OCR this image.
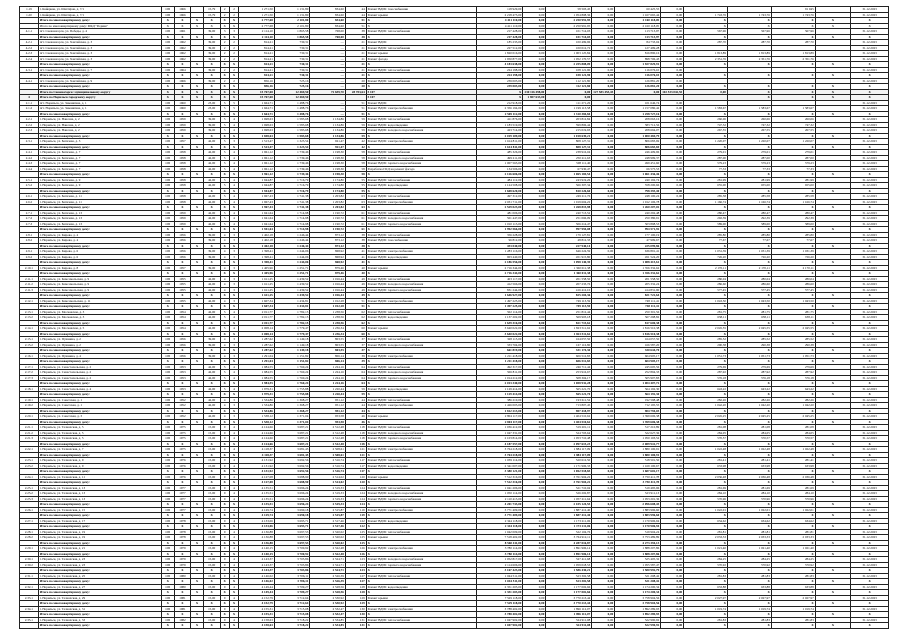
1.19	г. Кайеркан, ул. Шахтёров, д. 7/1	ОП	1966		15,79	2	2	1 271,50	1 131,80	834,60	44	Ремонт ВДИС газоснабжения	118 929,00	0,00	58 503,45	0,00	60 425,55	0,00			91 045		31.12.2023
1.20	г. Кайеркан, ул. Шахтёров, д. 7/1	ОП	1966		15,79	2	2	1 271,50	1 131,80	834,60	44	Ремонт крыши	2 218 473,00	0,00	1 054 808,36	0,00	1 167 665,44	0,00	1 743,76	1 743,76	1 743,76		31.12.2023
	Итого по многоквартирному дому:	X	X	X	X	X	X	2 777,68	2 101,80	834,60	51	X	4 411 110,00	0,00	2 250 991,95	0,00	2 160 118,05	0,00	X	X	X	X	X
	Итого по многоквартирному дому: МКД "Родник"	X	X	X	X	X	X	2 777,68	2 101,80	834,60	51	X	4 411 110,00	0,00	2 250 991,95	0,00	2 160 118,05	0,00	X	X	X	X	X
4.1.1	пгт. Снежногорск, ул. Победы, д. 4	ОП	1961		39,00	3	3	2 114,10	1 865,58	768,00	38	Ремонт ВДИС теплоснабжения	217 428,00	0,00	101 714,03	0,00	113 713,97	0,00	567,96	567,96	567,96		31.12.2023
	Итого по многоквартирному дому:	X	X	X	X	X	X	2 114,10	1 865,58	768,00	38	X	217 428,00	0,00	101 714,03	0,00	113 713,97	0,00	X	X	X	X	X
4.2.1	пгт. Снежногорск, ул. Хантайская, д. 3	ОП	1962		39,00	2	2	814,21	730,31	—	21	Ремонт ВДИС	185 233,00	0,00	100 499,96	0,00	84 733,04	0,00	287,70	287,70	287,70		31.12.2023
4.2.2	пгт. Снежногорск, ул. Хантайская, д. 3	ОП	1962		39,00	2	2	814,21	730,31	—	21	Ремонт ВДИС теплоснабжения	227 512,00	0,00	100 012,72	0,00	127 499,28	0,00					31.12.2023
4.2.3	пгт. Снежногорск, ул. Хантайская, д. 3	ОП	1962		39,00	2	2	814,21	730,31	—	21	Ремонт крыши	1 820 016,00	0,00	1 003 125,84	0,00	816 890,16	0,00	1 813,89	1 813,89	1 813,89		31.12.2023
4.2.4	пгт. Снежногорск, ул. Хантайская, д. 3	ОП	1962		39,00	2	2	814,21	730,31	—	21	Ремонт фасада	1 950 877,00	0,00	1 052 170,57	0,00	898 706,43	0,00	2 351,76	2 351,76	2 351,76		31.12.2023
	Итого по многоквартирному дому:	X	X	X	X	X	X	814,21	730,31	—	21	X	4 183 638,00	0,00	2 255 808,09	0,00	1 927 829,91	0,00	X	X	X	X	X
4.3.1	пгт. Снежногорск, ул. Хантайская, д. 7	ОП	1964		39,00	2	2	814,21	730,31	—	21	Ремонт ВДИС теплоснабжения	224 198,00	0,00	108 121,90	0,00	116 076,10	0,00					31.12.2023
	Итого по многоквартирному дому:	X	X	X	X	X	X	814,21	730,31	—	21	X	224 198,00	0,00	108 121,90	0,00	116 076,10	0,00	X	X	X	X	X
4.4.1	пгт. Снежногорск, ул. Хантайская, д. 9	ОП	1966		39,00	2	2	856,16	725,16	—	20	Ремонт ВДИС теплоснабжения	239 003,00	0,00	112 121,80	0,00	126 881,20	0,00					31.12.2023
	Итого по многоквартирному дому:	X	X	X	X	X	X	856,16	725,16	—	20	X	239 003,00	0,00	112 121,80	0,00	126 881,20	0,00	X	X	X	X	X
	Итого по Снежногорск: муниципальному округу	X	X	X	X	X	X	15 767,68	12 469,50	72 659,70	28 703,64	5 107	X	230 116 498,00	0,00	127 583 455,45	0,00	102 533 042,55	0,00	X	X	X	X
4	Итого по Норильск городскому округу	X	X	X	X	X	X	15 767,68	12 469,50			5 107	X	1 857 633,00	0,00					X	X	X	X
2.1.1	пгт. Норильск, ул. Завенягина, д. 1	ОП	1960		23,00	5	5	1 664,71	1 488,76	—	51	Ремонт ВДИС	212 918,00	0,00	111 271,26	0,00	101 646,74	0,00					31.12.2023
2.1.2	пгт. Норильск, ул. Завенягина, д. 1	ОП	1960		23,00	5	5	1 664,71	1 488,76	—	51	Ремонт ВДИС электроснабжения	2 356 194,00	0,00	1 199 113,58	0,00	1 157 080,42	0,00	1 583,67	1 583,67	1 583,67		31.12.2023
	Итого по многоквартирному дому:	X	X	X	X	X	X	1 664,71	1 488,76	—	51	X	2 569 112,00	0,00	1 310 384,84	0,00	1 258 727,16	0,00	X	X	X	X	X
2.2.1	г. Норильск, ул. Нансена, д. 2	ОП	1959		39,00	5	4	1 698,63	1 583,68	1 134,86	59	Ремонт ВДИС теплоснабжения	411 876,00	0,00	203 812,84	0,00	208 063,16	0,00	260,06	260,06	260,06		31.12.2023
2.2.2	г. Норильск, ул. Нансена, д. 2	ОП	1959		39,00	5	4	1 698,63	1 583,68	1 134,86	59	Ремонт ВДИС водоотведения	1 183 519,00	0,00	599 806,44	0,00	583 712,56	0,00	747,32	747,32	747,32		31.12.2023
2.2.3	г. Норильск, ул. Нансена, д. 2	ОП	1959		39,00	5	4	1 698,63	1 583,68	1 134,86	59	Ремонт ВДИС холодного водоснабжения	423 714,00	0,00	215 019,93	0,00	208 694,07	0,00	267,55	267,55	267,55		31.12.2023
	Итого по многоквартирному дому:	X	X	X	X	X	X	1 698,63	1 583,68	1 134,86	59	X	2 019 109,00	0,00	1 018 639,21	0,00	1 000 469,79	0,00	X	X	X	X	X
2.3.1	г. Норильск, ул. Бегичева, д. 3	ОП	1957		42,00	5	3	1 513,47	1 323,54	921,47	42	Ремонт ВДИС электроснабжения	1 614 811,00	0,00	808 127,31	0,00	806 683,69	0,00	1 220,07	1 220,07	1 220,07		31.12.2023
	Итого по многоквартирному дому:	X	X	X	X	X	X	1 513,47	1 323,54	921,47	42	X	1 614 811,00	0,00	808 127,31	0,00	806 683,69	0,00	X	X	X	X	X
2.4.1	г. Норильск, ул. Бегичева, д. 7	ОП	1958		42,00	5	4	1 961,12	1 739,46	1 198,30	58	Ремонт ВДИС теплоснабжения	485 326,00	0,00	238 916,04	0,00	246 409,96	0,00	279,01	279,01	279,01		31.12.2023
2.4.2	г. Норильск, ул. Бегичева, д. 7	ОП	1958		42,00	5	4	1 961,12	1 739,46	1 198,30	58	Ремонт ВДИС холодного водоснабжения	499 211,00	0,00	250 211,63	0,00	248 999,37	0,00	287,00	287,00	287,00		31.12.2023
2.4.3	г. Норильск, ул. Бегичева, д. 7	ОП	1958		42,00	5	4	1 961,12	1 739,46	1 198,30	58	Ремонт ВДИС горячего водоснабжения	1 007 563,00	0,00	508 111,40	0,00	499 451,60	0,00	579,23	579,23	579,23		31.12.2023
2.4.4	г. Норильск, ул. Бегичева, д. 7	ОП	1958		42,00	5	4	1 961,12	1 739,46	1 198,30	58	Разработка ПСД на ремонт фасада	134 506,00	0,00	67 930,47	0,00	66 575,53	0,00	77,33	77,33	77,33		31.12.2023
	Итого по многоквартирному дому:	X	X	X	X	X	X	1 961,12	1 739,46	1 198,30	58	X	2 126 606,00	0,00	1 065 169,54	0,00	1 061 436,46	0,00	X	X	X	X	X
2.5.1	г. Норильск, ул. Бегичева, д. 9	ОП	1958		42,00	5	4	1 944,87	1 716,79	1 174,80	55	Ремонт ВДИС теплоснабжения	484 112,00	0,00	243 919,26	0,00	240 192,74	0,00	281,99	281,99	281,99		31.12.2023
2.5.2	г. Норильск, ул. Бегичева, д. 9	ОП	1958		42,00	5	4	1 944,87	1 716,79	1 174,80	55	Ремонт ВДИС водоотведения	1 124 508,00	0,00	566 307,34	0,00	558 200,66	0,00	655,00	655,00	655,00		31.12.2023
	Итого по многоквартирному дому:	X	X	X	X	X	X	1 944,87	1 716,79	1 174,80	55	X	1 608 620,00	0,00	810 226,60	0,00	798 393,40	0,00	X	X	X	X	X
2.6.1	г. Норильск, ул. Бегичева, д. 11	ОП	1958		42,00	5	4	1 967,43	1 741,38	1 203,82	63	Ремонт ВДИС теплоснабжения	497 312,00	0,00	249 211,76	0,00	248 100,24	0,00	285,58	285,58	285,58		31.12.2023
2.6.2	г. Норильск, ул. Бегичева, д. 11	ОП	1958		42,00	5	4	1 967,43	1 741,38	1 203,82	63	Ремонт ВДИС электроснабжения	2 031 711,00	0,00	1 019 604,22	0,00	1 012 106,78	0,00	1 166,74	1 166,74	1 166,74		31.12.2023
	Итого по многоквартирному дому:	X	X	X	X	X	X	1 967,43	1 741,38	1 203,82	63	X	2 529 023,00	0,00	1 268 815,98	0,00	1 260 207,02	0,00	X	X	X	X	X
2.7.1	г. Норильск, ул. Бегичева, д. 13	ОП	1959		42,00	5	4	1 941,64	1 714,98	1 190,72	61	Ремонт ВДИС теплоснабжения	481 006,00	0,00	240 713,52	0,00	240 292,48	0,00	280,47	280,47	280,47		31.12.2023
2.7.2	г. Норильск, ул. Бегичева, д. 13	ОП	1959		42,00	5	4	1 941,64	1 714,98	1 190,72	61	Ремонт ВДИС холодного водоснабжения	501 447,00	0,00	251 066,09	0,00	250 380,91	0,00	292,39	292,39	292,39		31.12.2023
2.7.3	г. Норильск, ул. Бегичева, д. 13	ОП	1959		42,00	5	4	1 941,64	1 714,98	1 190,72	61	Ремонт ВДИС горячего водоснабжения	1 010 113,00	0,00	506 214,47	0,00	503 898,53	0,00	589,00	589,00	589,00		31.12.2023
	Итого по многоквартирному дому:	X	X	X	X	X	X	1 941,64	1 714,98	1 190,72	61	X	1 992 566,00	0,00	997 994,08	0,00	994 571,92	0,00	X	X	X	X	X
2.8.1	г. Норильск, ул. Кирова, д. 4	ОП	1956		39,00	4	3	1 402,18	1 246,44	873,12	38	Ремонт ВДИС теплоснабжения	356 228,00	0,00	179 127,81	0,00	177 100,19	0,00	285,80	285,80	285,80		31.12.2023
2.8.2	г. Норильск, ул. Кирова, д. 4	ОП	1956		39,00	4	3	1 402,18	1 246,44	873,12	38	Ремонт ВДИС газоснабжения	96 812,00	0,00	48 812,33	0,00	47 999,67	0,00	77,67	77,67	77,67		31.12.2023
	Итого по многоквартирному дому:	X	X	X	X	X	X	1 402,18	1 246,44	873,12	38	X	453 040,00	0,00	227 940,14	0,00	225 099,86	0,00	X	X	X	X	X
2.9.1	г. Норильск, ул. Кирова, д. 6	ОП	1956		39,00	4	3	1 398,41	1 244,06	868,92	41	Ремонт ВДИС электроснабжения	1 283 116,00	0,00	646 224,59	0,00	636 891,41	0,00	1 031,39	1 031,39	1 031,39		31.12.2023
2.9.2	г. Норильск, ул. Кирова, д. 6	ОП	1956		39,00	4	3	1 398,41	1 244,06	868,92	41	Ремонт ВДИС водоотведения	903 440,00	0,00	451 915,80	0,00	451 524,20	0,00	726,20	726,20	726,20		31.12.2023
	Итого по многоквартирному дому:	X	X	X	X	X	X	1 398,41	1 244,06	868,92	41	X	2 186 556,00	0,00	1 098 140,39	0,00	1 088 415,61	0,00	X	X	X	X	X
2.10.1	г. Норильск, ул. Кирова, д. 8	ОП	1957		39,00	4	3	1 405,96	1 251,71	879,46	40	Ремонт крыши	2 716 344,00	0,00	1 360 011,38	0,00	1 356 332,62	0,00	2 170,11	2 170,11	2 170,11		31.12.2023
	Итого по многоквартирному дому:	X	X	X	X	X	X	1 405,96	1 251,71	879,46	40	X	2 716 344,00	0,00	1 360 011,38	0,00	1 356 332,62	0,00	X	X	X	X	X
2.11.1	г. Норильск, ул. Комсомольская, д. 9	ОП	1955		42,00	4	3	1 611,25	1 439,52	1 016,44	49	Ремонт ВДИС теплоснабжения	403 117,00	0,00	201 558,50	0,00	201 558,50	0,00	280,04	280,04	280,04		31.12.2023
2.11.2	г. Норильск, ул. Комсомольская, д. 9	ОП	1955		42,00	4	3	1 611,25	1 439,52	1 016,44	49	Ремонт ВДИС холодного водоснабжения	412 566,00	0,00	207 233,76	0,00	205 332,24	0,00	286,60	286,60	286,60		31.12.2023
2.11.3	г. Норильск, ул. Комсомольская, д. 9	ОП	1955		42,00	4	3	1 611,25	1 439,52	1 016,44	49	Ремонт ВДИС горячего водоснабжения	831 244,00	0,00	416 412,10	0,00	414 831,90	0,00	577,45	577,45	577,45		31.12.2023
	Итого по многоквартирному дому:	X	X	X	X	X	X	1 611,25	1 439,52	1 016,44	49	X	1 646 927,00	0,00	825 204,36	0,00	821 722,64	0,00	X	X	X	X	X
2.12.1	г. Норильск, ул. Комсомольская, д. 11	ОП	1955		42,00	4	3	1 607,34	1 434,81	1 012,28	51	Ремонт ВДИС электроснабжения	1 497 225,00	0,00	749 113,59	0,00	748 111,41	0,00	1 043,50	1 043,50	1 043,50		31.12.2023
	Итого по многоквартирному дому:	X	X	X	X	X	X	1 607,34	1 434,81	1 012,28	51	X	1 497 225,00	0,00	749 113,59	0,00	748 111,41	0,00	X	X	X	X	X
2.13.1	г. Норильск, ул. Московская, д. 3	ОП	1954		42,00	5	4	2 011,77	1 782,15	1 238,56	62	Ремонт ВДИС теплоснабжения	502 114,00	0,00	251 812,44	0,00	250 301,56	0,00	281,75	281,75	281,75		31.12.2023
2.13.2	г. Норильск, ул. Московская, д. 3	ОП	1954		42,00	5	4	2 011,77	1 782,15	1 238,56	62	Ремонт ВДИС водоотведения	1 137 202,00	0,00	569 903,18	0,00	567 298,82	0,00	638,11	638,11	638,11		31.12.2023
	Итого по многоквартирному дому:	X	X	X	X	X	X	2 011,77	1 782,15	1 238,56	62	X	1 639 316,00	0,00	821 715,62	0,00	817 600,38	0,00	X	X	X	X	X
2.14.1	г. Норильск, ул. Московская, д. 5	ОП	1954		42,00	5	4	2 008,14	1 779,47	1 236,34	60	Ремонт крыши	3 640 022,00	0,00	1 823 511,62	0,00	1 816 510,38	0,00	2 045,55	2 045,55	2 045,55		31.12.2023
	Итого по многоквартирному дому:	X	X	X	X	X	X	2 008,14	1 779,47	1 236,34	60	X	3 640 022,00	0,00	1 823 511,62	0,00	1 816 510,38	0,00	X	X	X	X	X
2.15.1	г. Норильск, ул. Пушкина, д. 2	ОП	1956		39,00	4	3	1 287,62	1 149,18	803,55	37	Ремонт ВДИС теплоснабжения	328 115,00	0,00	164 057,50	0,00	164 057,50	0,00	285,52	285,52	285,52		31.12.2023
2.15.2	г. Норильск, ул. Пушкина, д. 2	ОП	1956		39,00	4	3	1 287,62	1 149,18	803,55	37	Ремонт ВДИС холодного водоснабжения	333 704,00	0,00	167 116,80	0,00	166 587,20	0,00	290,38	290,38	290,38		31.12.2023
	Итого по многоквартирному дому:	X	X	X	X	X	X	1 287,62	1 149,18	803,55	37	X	661 819,00	0,00	331 174,30	0,00	330 644,70	0,00	X	X	X	X	X
2.16.1	г. Норильск, ул. Пушкина, д. 4	ОП	1956		39,00	4	3	1 291,04	1 151,82	806,14	39	Ремонт ВДИС электроснабжения	1 211 418,00	0,00	606 512,83	0,00	604 905,17	0,00	1 051,73	1 051,73	1 051,73		31.12.2023
	Итого по многоквартирному дому:	X	X	X	X	X	X	1 291,04	1 151,82	806,14	39	X	1 211 418,00	0,00	606 512,83	0,00	604 905,17	0,00	X	X	X	X	X
2.17.1	г. Норильск, ул. Севастопольская, д. 2	ОП	1953		42,00	5	4	1 984,55	1 760,24	1 224,16	64	Ремонт ВДИС теплоснабжения	492 317,00	0,00	246 711,44	0,00	245 605,56	0,00	279,69	279,69	279,69		31.12.2023
2.17.2	г. Норильск, ул. Севастопольская, д. 2	ОП	1953		42,00	5	4	1 984,55	1 760,24	1 224,16	64	Ремонт ВДИС холодного водоснабжения	506 811,00	0,00	253 916,67	0,00	252 894,33	0,00	287,92	287,92	287,92		31.12.2023
2.17.3	г. Норильск, ул. Севастопольская, д. 2	ОП	1953		42,00	5	4	1 984,55	1 760,24	1 224,16	64	Ремонт ВДИС горячего водоснабжения	1 014 212,00	0,00	508 304,17	0,00	505 907,83	0,00	576,18	576,18	576,18		31.12.2023
	Итого по многоквартирному дому:	X	X	X	X	X	X	1 984,55	1 760,24	1 224,16	64	X	2 013 340,00	0,00	1 008 932,28	0,00	1 004 407,72	0,00	X	X	X	X	X
2.18.1	г. Норильск, ул. Севастопольская, д. 4	ОП	1953		42,00	5	4	1 979,31	1 755,88	1 220,44	59	Ремонт ВДИС водоотведения	1 129 414,00	0,00	565 221,70	0,00	564 192,30	0,00	643,22	643,22	643,22		31.12.2023
	Итого по многоквартирному дому:	X	X	X	X	X	X	1 979,31	1 755,88	1 220,44	59	X	1 129 414,00	0,00	565 221,70	0,00	564 192,30	0,00	X	X	X	X	X
2.19.1	г. Норильск, ул. Советская, д. 1	ОП	1952		42,00	4	3	1 534,86	1 368,27	951,12	44	Ремонт ВДИС теплоснабжения	386 210,00	0,00	193 611,52	0,00	192 598,48	0,00	282,26	282,26	282,26		31.12.2023
2.19.2	г. Норильск, ул. Советская, д. 1	ОП	1952		42,00	4	3	1 534,86	1 368,27	951,12	44	Ремонт ВДИС электроснабжения	1 426 003,00	0,00	713 807,45	0,00	712 195,55	0,00	1 042,20	1 042,20	1 042,20		31.12.2023
	Итого по многоквартирному дому:	X	X	X	X	X	X	1 534,86	1 368,27	951,12	44	X	1 812 213,00	0,00	907 418,97	0,00	904 794,03	0,00	X	X	X	X	X
2.20.1	г. Норильск, ул. Советская, д. 3	ОП	1952		42,00	4	3	1 538,12	1 371,04	953,58	46	Ремонт крыши	2 804 117,00	0,00	1 404 510,62	0,00	1 399 606,38	0,00	2 045,25	2 045,25	2 045,25		31.12.2023
	Итого по многоквартирному дому:	X	X	X	X	X	X	1 538,12	1 371,04	953,58	46	X	2 804 117,00	0,00	1 404 510,62	0,00	1 399 606,38	0,00	X	X	X	X	X
2.21.1	г. Норильск, ул. Талнахская, д. 5	ОП	1975		15,00	9	4	4 124,66	3 687,21	2 512,48	118	Ремонт ВДИС теплоснабжения	1 036 412,00	0,00	519 201,11	0,00	517 210,89	0,00	281,08	281,08	281,08		31.12.2023
2.21.2	г. Норильск, ул. Талнахская, д. 5	ОП	1975		15,00	9	4	4 124,66	3 687,21	2 512,48	118	Ремонт ВДИС холодного водоснабжения	1 047 331,00	0,00	524 703,64	0,00	522 627,36	0,00	284,05	284,05	284,05		31.12.2023
2.21.3	г. Норильск, ул. Талнахская, д. 5	ОП	1975		15,00	9	4	4 124,66	3 687,21	2 512,48	118	Ремонт ВДИС горячего водоснабжения	2 103 814,00	0,00	1 053 710,48	0,00	1 050 103,52	0,00	570,57	570,57	570,57		31.12.2023
	Итого по многоквартирному дому:	X	X	X	X	X	X	4 124,66	3 687,21	2 512,48	118	X	4 187 557,00	0,00	2 097 615,23	0,00	2 089 941,77	0,00	X	X	X	X	X
2.22.1	г. Норильск, ул. Талнахская, д. 7	ОП	1975		15,00	9	4	4 118,37	3 681,45	2 508,61	121	Ремонт ВДИС электроснабжения	3 764 218,00	0,00	1 884 117,09	0,00	1 880 100,91	0,00	1 022,48	1 022,48	1 022,48		31.12.2023
	Итого по многоквартирному дому:	X	X	X	X	X	X	4 118,37	3 681,45	2 508,61	121	X	3 764 218,00	0,00	1 884 117,09	0,00	1 880 100,91	0,00	X	X	X	X	X
2.23.1	г. Норильск, ул. Талнахская, д. 9	ОП	1976		15,00	9	4	4 131,92	3 692,56	2 516,74	117	Ремонт ВДИС теплоснабжения	1 039 114,00	0,00	520 612,50	0,00	518 501,50	0,00	281,41	281,41	281,41		31.12.2023
2.23.2	г. Норильск, ул. Талнахская, д. 9	ОП	1976		15,00	9	4	4 131,92	3 692,56	2 516,74	117	Ремонт ВДИС водоотведения	2 341 007,00	0,00	1 171 906,33	0,00	1 169 100,67	0,00	633,98	633,98	633,98		31.12.2023
	Итого по многоквартирному дому:	X	X	X	X	X	X	4 131,92	3 692,56	2 516,74	117	X	3 380 121,00	0,00	1 692 518,83	0,00	1 687 602,17	0,00	X	X	X	X	X
2.24.1	г. Норильск, ул. Талнахская, д. 11	ОП	1976		15,00	9	4	4 127,08	3 688,90	2 514,02	120	Ремонт крыши	7 512 316,00	0,00	3 761 904,22	0,00	3 750 411,78	0,00	2 036,48	2 036,48	2 036,48		31.12.2023
	Итого по многоквартирному дому:	X	X	X	X	X	X	4 127,08	3 688,90	2 514,02	120	X	7 512 316,00	0,00	3 761 904,22	0,00	3 750 411,78	0,00	X	X	X	X	X
2.25.1	г. Норильск, ул. Талнахская, д. 13	ОП	1977		15,00	9	4	4 135,51	3 696,24	2 519,33	124	Ремонт ВДИС теплоснабжения	1 041 206,00	0,00	521 710,04	0,00	519 495,96	0,00	281,69	281,69	281,69		31.12.2023
2.25.2	г. Норильск, ул. Талнахская, д. 13	ОП	1977		15,00	9	4	4 135,51	3 696,24	2 519,33	124	Ремонт ВДИС холодного водоснабжения	1 050 114,00	0,00	526 202,87	0,00	523 911,13	0,00	284,10	284,10	284,10		31.12.2023
2.25.3	г. Норильск, ул. Талнахская, д. 13	ОП	1977		15,00	9	4	4 135,51	3 696,24	2 519,33	124	Ремонт ВДИС горячего водоснабжения	2 110 413,00	0,00	1 057 211,64	0,00	1 053 201,36	0,00	570,96	570,96	570,96		31.12.2023
	Итого по многоквартирному дому:	X	X	X	X	X	X	4 135,51	3 696,24	2 519,33	124	X	4 201 733,00	0,00	2 105 124,55	0,00	2 096 608,45	0,00	X	X	X	X	X
2.26.1	г. Норильск, ул. Талнахская, д. 15	ОП	1977		15,00	9	4	4 129,74	3 690,18	2 515,87	119	Ремонт ВДИС электроснабжения	3 771 409,00	0,00	1 887 412,40	0,00	1 883 996,60	0,00	1 022,01	1 022,01	1 022,01		31.12.2023
	Итого по многоквартирному дому:	X	X	X	X	X	X	4 129,74	3 690,18	2 515,87	119	X	3 771 409,00	0,00	1 887 412,40	0,00	1 883 996,60	0,00	X	X	X	X	X
2.27.1	г. Норильск, ул. Талнахская, д. 17	ОП	1978		15,00	9	4	4 133,06	3 693,71	2 517,46	122	Ремонт ВДИС водоотведения	2 344 118,00	0,00	1 173 211,06	0,00	1 170 906,94	0,00	634,62	634,62	634,62		31.12.2023
	Итого по многоквартирному дому:	X	X	X	X	X	X	4 133,06	3 693,71	2 517,46	122	X	2 344 118,00	0,00	1 173 211,06	0,00	1 170 906,94	0,00	X	X	X	X	X
2.28.1	г. Норильск, ул. Талнахская, д. 19	ОП	1978		15,00	9	4	4 136,88	3 697,53	2 520,02	125	Ремонт ВДИС теплоснабжения	1 042 009,00	0,00	522 104,76	0,00	519 904,24	0,00	281,81	281,81	281,81		31.12.2023
2.28.2	г. Норильск, ул. Талнахская, д. 19	ОП	1978		15,00	9	4	4 136,88	3 697,53	2 520,02	125	Ремонт крыши	7 518 402,00	0,00	3 764 912,11	0,00	3 753 489,89	0,00	2 033,33	2 033,33	2 033,33		31.12.2023
	Итого по многоквартирному дому:	X	X	X	X	X	X	4 136,88	3 697,53	2 520,02	125	X	8 560 411,00	0,00	4 287 016,87	0,00	4 273 394,13	0,00	X	X	X	X	X
2.29.1	г. Норильск, ул. Талнахская, д. 21	ОП	1979		15,00	9	4	4 140,15	3 700,92	2 522,48	126	Ремонт ВДИС электроснабжения	3 780 114,00	0,00	1 891 906,14	0,00	1 888 207,86	0,00	1 021,40	1 021,40	1 021,40		31.12.2023
	Итого по многоквартирному дому:	X	X	X	X	X	X	4 140,15	3 700,92	2 522,48	126	X	3 780 114,00	0,00	1 891 906,14	0,00	1 888 207,86	0,00	X	X	X	X	X
2.30.1	г. Норильск, ул. Талнахская, д. 23	ОП	1979		15,00	9	4	4 143,37	3 703,86	2 524,71	123	Ремонт ВДИС холодного водоснабжения	1 052 817,00	0,00	527 411,68	0,00	525 405,32	0,00	284,25	284,25	284,25		31.12.2023
2.30.2	г. Норильск, ул. Талнахская, д. 23	ОП	1979		15,00	9	4	4 143,37	3 703,86	2 524,71	123	Ремонт ВДИС горячего водоснабжения	2 114 606,00	0,00	1 059 018,53	0,00	1 055 587,47	0,00	570,92	570,92	570,92		31.12.2023
	Итого по многоквартирному дому:	X	X	X	X	X	X	4 143,37	3 703,86	2 524,71	123	X	3 167 423,00	0,00	1 586 430,21	0,00	1 580 992,79	0,00	X	X	X	X	X
2.31.1	г. Норильск, ул. Талнахская, д. 25	ОП	1980		15,00	9	4	4 146,02	3 706,11	2 526,39	127	Ремонт ВДИС теплоснабжения	1 044 511,00	0,00	523 302,58	0,00	521 208,42	0,00	281,83	281,83	281,83		31.12.2023
	Итого по многоквартирному дому:	X	X	X	X	X	X	4 146,02	3 706,11	2 526,39	127	X	1 044 511,00	0,00	523 302,58	0,00	521 208,42	0,00	X	X	X	X	X
2.32.1	г. Норильск, ул. Талнахская, д. 27	ОП	1980		15,00	9	4	4 149,44	3 709,27	2 528,56	128	Ремонт ВДИС водоотведения	2 351 203,00	0,00	1 177 002,66	0,00	1 174 200,34	0,00	633,88	633,88	633,88		31.12.2023
	Итого по многоквартирному дому:	X	X	X	X	X	X	4 149,44	3 709,27	2 528,56	128	X	2 351 203,00	0,00	1 177 002,66	0,00	1 174 200,34	0,00	X	X	X	X	X
2.33.1	г. Норильск, ул. Талнахская, д. 29	ОП	1981		15,00	9	4	4 152,79	3 712,64	2 530,92	129	Ремонт крыши	7 529 118,00	0,00	3 770 213,44	0,00	3 758 904,56	0,00	2 027,97	2 027,97	2 027,97		31.12.2023
	Итого по многоквартирному дому:	X	X	X	X	X	X	4 152,79	3 712,64	2 530,92	129	X	7 529 118,00	0,00	3 770 213,44	0,00	3 758 904,56	0,00	X	X	X	X	X
2.34.1	г. Норильск, ул. Талнахская, д. 31	ОП	1981		15,00	9	4	4 155,31	3 715,08	2 532,47	130	Ремонт ВДИС электроснабжения	3 788 402,00	0,00	1 896 112,07	0,00	1 892 289,93	0,00	1 019,74	1 019,74	1 019,74		31.12.2023
	Итого по многоквартирному дому:	X	X	X	X	X	X	4 155,31	3 715,08	2 532,47	130	X	3 788 402,00	0,00	1 896 112,07	0,00	1 892 289,93	0,00	X	X	X	X	X
2.35.1	г. Норильск, ул. Талнахская, д. 33	ОП	1982		15,00	9	4	4 158,63	3 718,22	2 534,85	131	Ремонт ВДИС теплоснабжения	1 047 902,00	0,00	524 911,08	0,00	522 990,92	0,00	281,83	281,83	281,83		31.12.2023
	Итого по многоквартирному дому:	X	X	X	X	X	X	4 158,63	3 718,22	2 534,85	131	X	1 047 902,00	0,00	524 911,08	0,00	522 990,92	0,00	X	X	X	X	X
